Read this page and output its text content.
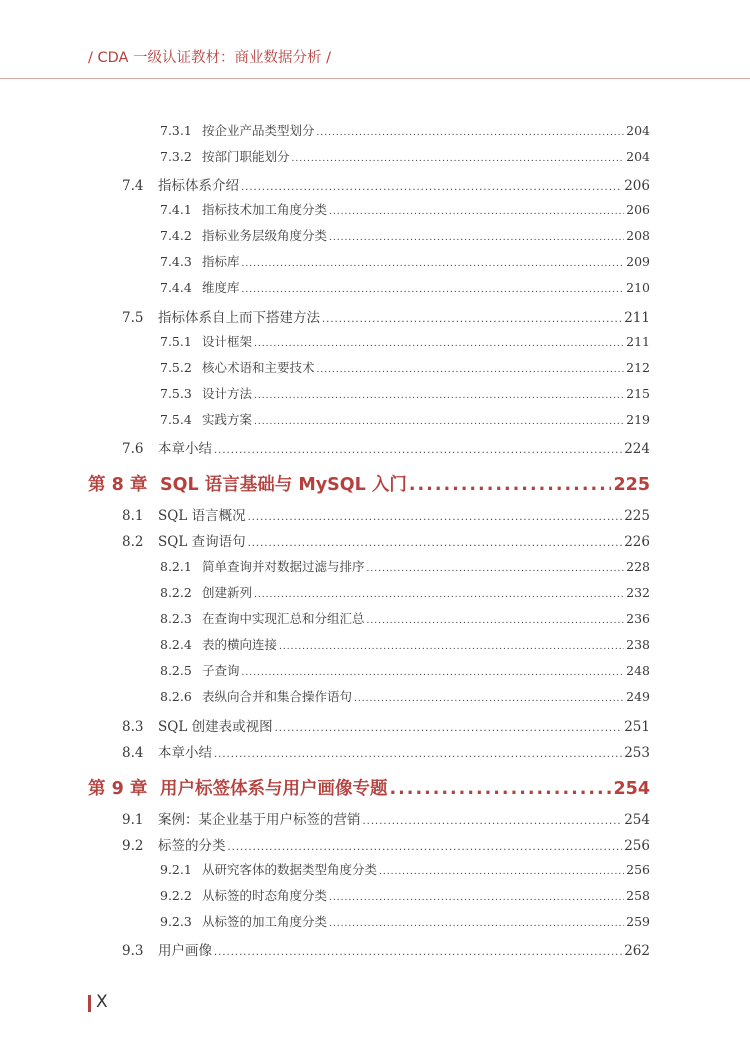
/ CDA 一级认证教材：商业数据分析 /
7.3.1 按企业产品类型划分 .....	204
7.3.2 按部门职能划分 .....	204
7.4	指标体系介绍 .....	206
7.4.1 指标技术加工角度分类 .....	206
7.4.2 指标业务层级角度分类 .....	208
7.4.3 指标库 .....	209
7.4.4 维度库 .....	210
7.5	指标体系自上而下搭建方法 .....	211
7.5.1 设计框架 .....	211
7.5.2 核心术语和主要技术 .....	212
7.5.3 设计方法 .....	215
7.5.4 实践方案 .....	219
7.6	本章小结 .....	224
第 8 章 SQL 语言基础与 MySQL 入门 .....	225
8.1	SQL 语言概况 .....	225
8.2	SQL 查询语句 .....	226
8.2.1 简单查询并对数据过滤与排序 .....	228
8.2.2 创建新列 .....	232
8.2.3 在查询中实现汇总和分组汇总 .....	236
8.2.4 表的横向连接 .....	238
8.2.5 子查询 .....	248
8.2.6 表纵向合并和集合操作语句 .....	249
8.3	SQL 创建表或视图 .....	251
8.4	本章小结 .....	253
第 9 章 用户标签体系与用户画像专题 .....	254
9.1	案例：某企业基于用户标签的营销 .....	254
9.2	标签的分类 .....	256
9.2.1 从研究客体的数据类型角度分类 .....	256
9.2.2 从标签的时态角度分类 .....	258
9.2.3 从标签的加工角度分类 .....	259
9.3	用户画像 .....	262
X
